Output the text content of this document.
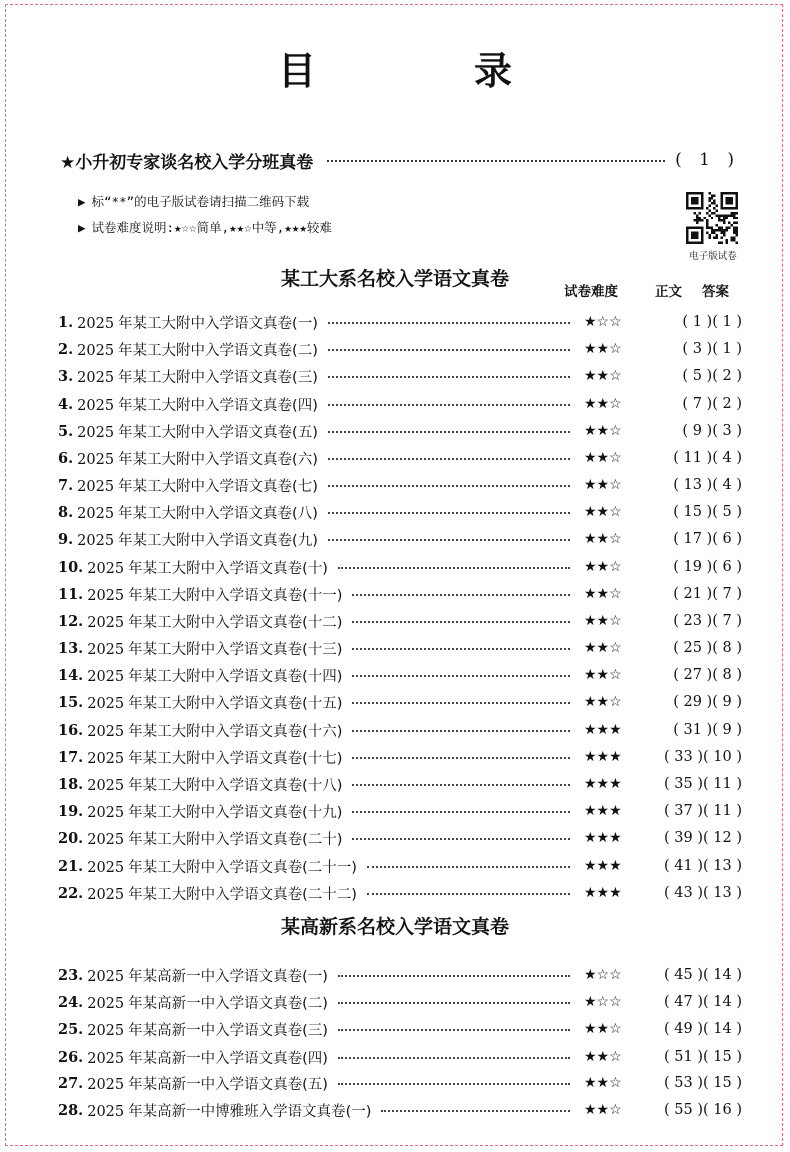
目　录
★小升初专家谈名校入学分班真卷	( 1 )
▶ 标“**”的电子版试卷请扫描二维码下载
▶ 试卷难度说明:★☆☆简单,★★☆中等,★★★较难
电子版试卷
某工大系名校入学语文真卷
试卷难度	正文 答案
1. 2025 年某工大附中入学语文真卷(一)	★☆☆	( 1 )( 1 )
2. 2025 年某工大附中入学语文真卷(二)	★★☆	( 3 )( 1 )
3. 2025 年某工大附中入学语文真卷(三)	★★☆	( 5 )( 2 )
4. 2025 年某工大附中入学语文真卷(四)	★★☆	( 7 )( 2 )
5. 2025 年某工大附中入学语文真卷(五)	★★☆	( 9 )( 3 )
6. 2025 年某工大附中入学语文真卷(六)	★★☆	( 11 )( 4 )
7. 2025 年某工大附中入学语文真卷(七)	★★☆	( 13 )( 4 )
8. 2025 年某工大附中入学语文真卷(八)	★★☆	( 15 )( 5 )
9. 2025 年某工大附中入学语文真卷(九)	★★☆	( 17 )( 6 )
10. 2025 年某工大附中入学语文真卷(十)	★★☆	( 19 )( 6 )
11. 2025 年某工大附中入学语文真卷(十一)	★★☆	( 21 )( 7 )
12. 2025 年某工大附中入学语文真卷(十二)	★★☆	( 23 )( 7 )
13. 2025 年某工大附中入学语文真卷(十三)	★★☆	( 25 )( 8 )
14. 2025 年某工大附中入学语文真卷(十四)	★★☆	( 27 )( 8 )
15. 2025 年某工大附中入学语文真卷(十五)	★★☆	( 29 )( 9 )
16. 2025 年某工大附中入学语文真卷(十六)	★★★	( 31 )( 9 )
17. 2025 年某工大附中入学语文真卷(十七)	★★★	( 33 )( 10 )
18. 2025 年某工大附中入学语文真卷(十八)	★★★	( 35 )( 11 )
19. 2025 年某工大附中入学语文真卷(十九)	★★★	( 37 )( 11 )
20. 2025 年某工大附中入学语文真卷(二十)	★★★	( 39 )( 12 )
21. 2025 年某工大附中入学语文真卷(二十一)	★★★	( 41 )( 13 )
22. 2025 年某工大附中入学语文真卷(二十二)	★★★	( 43 )( 13 )
某高新系名校入学语文真卷
23. 2025 年某高新一中入学语文真卷(一)	★☆☆	( 45 )( 14 )
24. 2025 年某高新一中入学语文真卷(二)	★☆☆	( 47 )( 14 )
25. 2025 年某高新一中入学语文真卷(三)	★★☆	( 49 )( 14 )
26. 2025 年某高新一中入学语文真卷(四)	★★☆	( 51 )( 15 )
27. 2025 年某高新一中入学语文真卷(五)	★★☆	( 53 )( 15 )
28. 2025 年某高新一中博雅班入学语文真卷(一)	★★☆	( 55 )( 16 )
